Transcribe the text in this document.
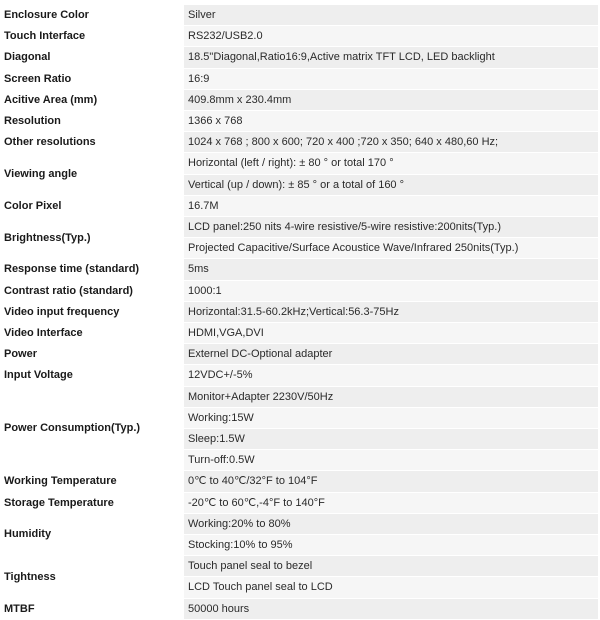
Enclosure Color	Silver
Touch Interface	RS232/USB2.0
Diagonal	18.5"Diagonal,Ratio16:9,Active matrix TFT LCD, LED backlight
Screen Ratio	16:9
Acitive Area (mm)	409.8mm x 230.4mm
Resolution	1366 x 768
Other resolutions	1024 x 768 ; 800 x 600; 720 x 400 ;720 x 350; 640 x 480,60 Hz;
Viewing angle	Horizontal (left / right): ± 80 ° or total 170 °
	Vertical (up / down): ± 85 ° or a total of 160 °
Color Pixel	16.7M
Brightness(Typ.)	LCD panel:250 nits 4-wire resistive/5-wire resistive:200nits(Typ.)
	Projected Capacitive/Surface Acoustice Wave/Infrared 250nits(Typ.)
Response time (standard)	5ms
Contrast ratio (standard)	1000:1
Video input frequency	Horizontal:31.5-60.2kHz;Vertical:56.3-75Hz
Video Interface	HDMI,VGA,DVI
Power	Externel DC-Optional adapter
Input Voltage	12VDC+/-5%
Power Consumption(Typ.)	Monitor+Adapter 2230V/50Hz
	Working:15W
	Sleep:1.5W
	Turn-off:0.5W
Working Temperature	0℃ to 40℃/32°F to 104°F
Storage Temperature	-20℃ to 60℃,-4°F to 140°F
Humidity	Working:20% to 80%
	Stocking:10% to 95%
Tightness	Touch panel seal to bezel
	LCD Touch panel seal to LCD
MTBF	50000 hours
